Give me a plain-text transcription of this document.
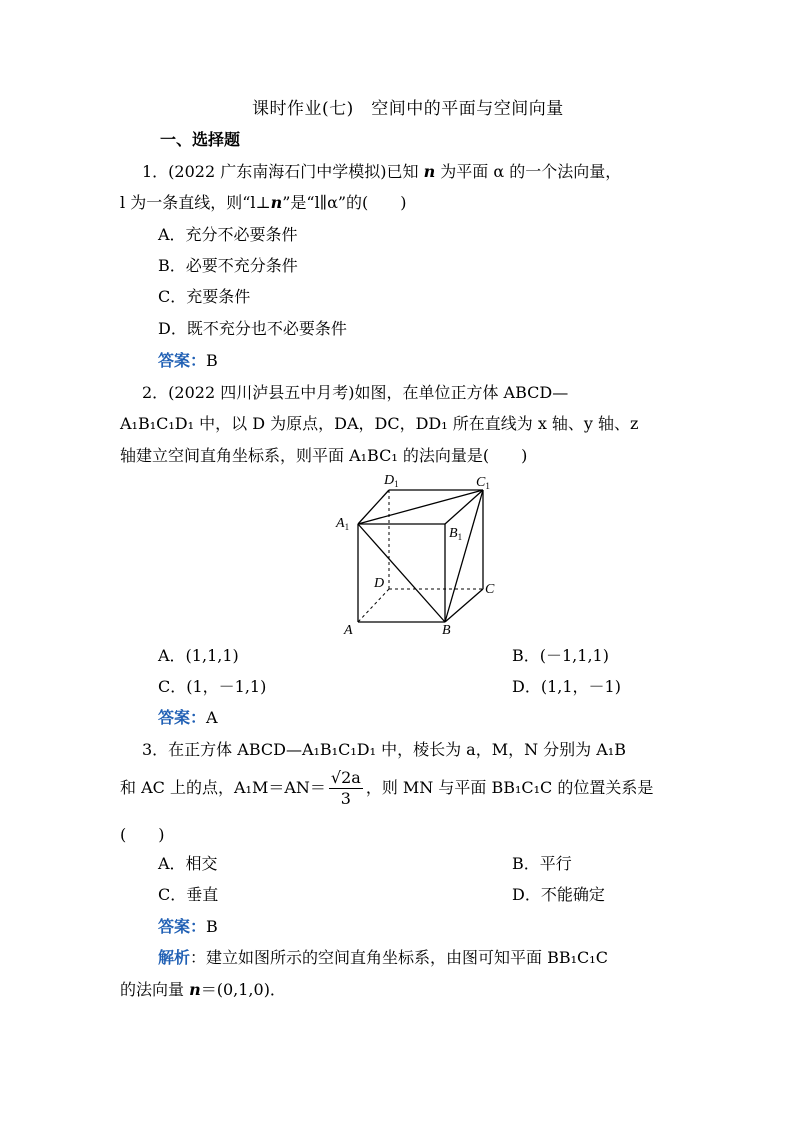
课时作业(七)　空间中的平面与空间向量
一、选择题
1．(2022 广东南海石门中学模拟)已知 n 为平面 α 的一个法向量，
l 为一条直线，则“l⊥n”是“l∥α”的(　　)
A．充分不必要条件
B．必要不充分条件
C．充要条件
D．既不充分也不必要条件
答案：B
2．(2022 四川泸县五中月考)如图，在单位正方体 ABCD—
A₁B₁C₁D₁ 中，以 D 为原点，DA，DC，DD₁ 所在直线为 x 轴、y 轴、z
轴建立空间直角坐标系，则平面 A₁BC₁ 的法向量是(　　)
$D_1$	$C_1$
$A_1$	$B_1$
D	C
A	B
A．(1,1,1)	B．(－1,1,1)
C．(1，－1,1)	D．(1,1，－1)
答案：A
3．在正方体 ABCD—A₁B₁C₁D₁ 中，棱长为 a，M，N 分别为 A₁B
和 AC 上的点，$A_1M=AN= \frac{√2a}{3}$ ，则 MN 与平面 BB₁C₁C 的位置关系是
(　　)
A．相交	B．平行
C．垂直	D．不能确定
答案：B
解析：建立如图所示的空间直角坐标系，由图可知平面 BB₁C₁C
的法向量 n＝(0,1,0)．
